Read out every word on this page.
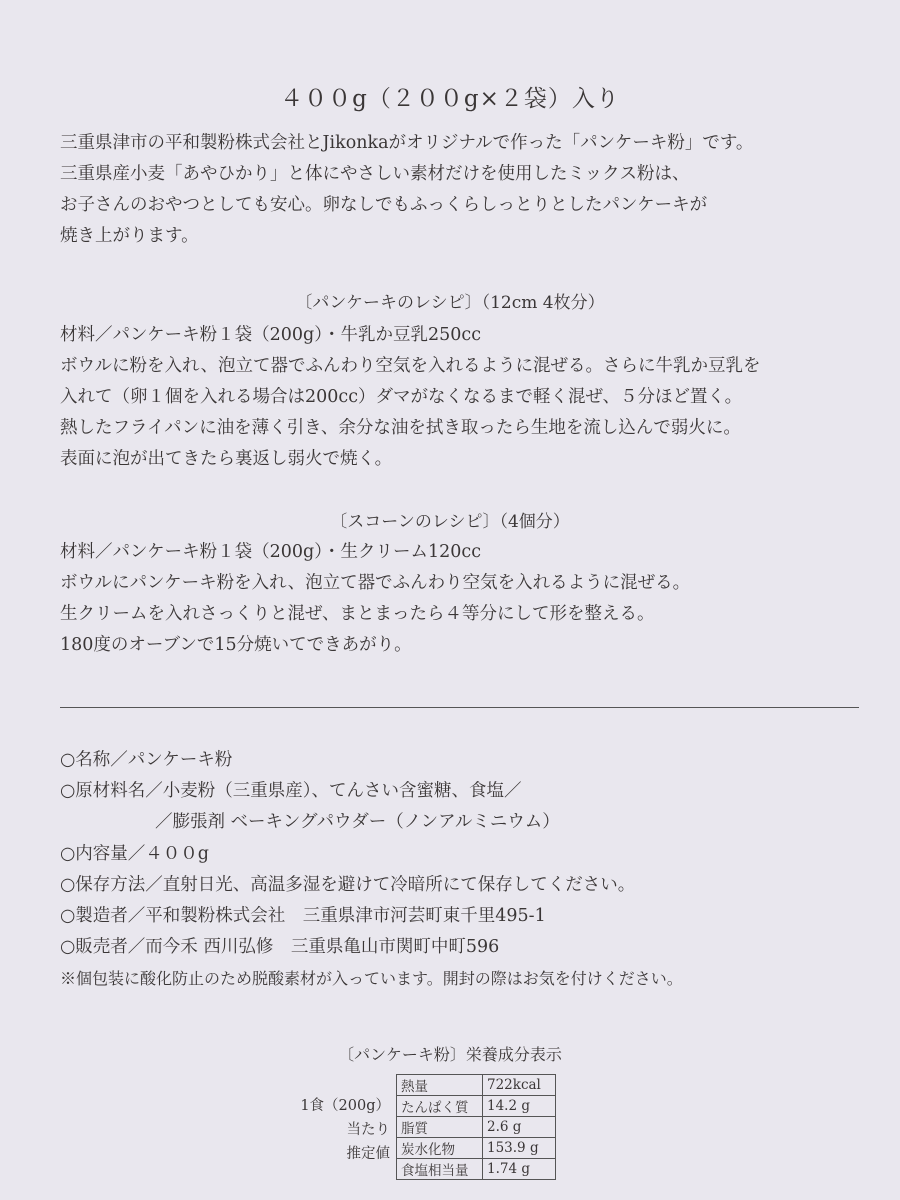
４００g（２００g×２袋）入り
三重県津市の平和製粉株式会社とJikonkaがオリジナルで作った「パンケーキ粉」です。
三重県産小麦「あやひかり」と体にやさしい素材だけを使用したミックス粉は、
お子さんのおやつとしても安心。卵なしでもふっくらしっとりとしたパンケーキが
焼き上がります。
〔パンケーキのレシピ〕（12cm 4枚分）
材料／パンケーキ粉１袋（200g）・牛乳か豆乳250cc
ボウルに粉を入れ、泡立て器でふんわり空気を入れるように混ぜる。さらに牛乳か豆乳を
入れて（卵１個を入れる場合は200cc）ダマがなくなるまで軽く混ぜ、５分ほど置く。
熱したフライパンに油を薄く引き、余分な油を拭き取ったら生地を流し込んで弱火に。
表面に泡が出てきたら裏返し弱火で焼く。
〔スコーンのレシピ〕（4個分）
材料／パンケーキ粉１袋（200g）・生クリーム120cc
ボウルにパンケーキ粉を入れ、泡立て器でふんわり空気を入れるように混ぜる。
生クリームを入れさっくりと混ぜ、まとまったら４等分にして形を整える。
180度のオーブンで15分焼いてできあがり。
○名称／パンケーキ粉
○原材料名／小麦粉（三重県産）、てんさい含蜜糖、食塩／
／膨張剤 ベーキングパウダー（ノンアルミニウム）
○内容量／４００g
○保存方法／直射日光、高温多湿を避けて冷暗所にて保存してください。
○製造者／平和製粉株式会社　三重県津市河芸町東千里495-1
○販売者／而今禾 西川弘修　三重県亀山市関町中町596
※個包装に酸化防止のため脱酸素材が入っています。開封の際はお気を付けください。
〔パンケーキ粉〕栄養成分表示
1食（200g）
当たり
推定値
熱量	722kcal
たんぱく質	14.2 g
脂質	2.6 g
炭水化物	153.9 g
食塩相当量	1.74 g
